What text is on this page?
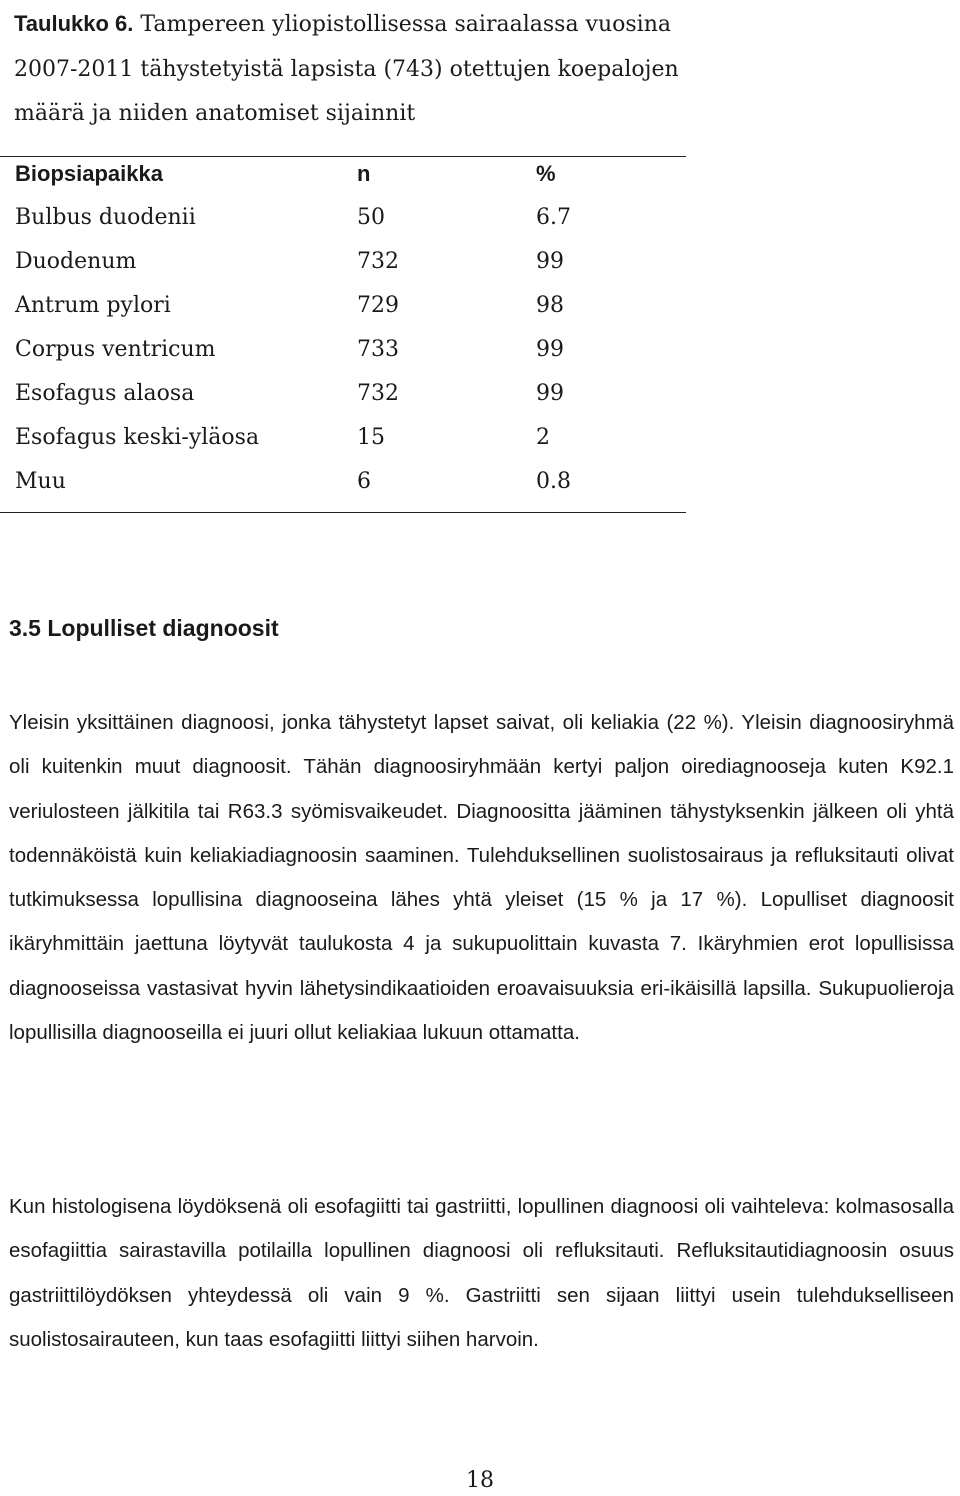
Taulukko 6. Tampereen yliopistollisessa sairaalassa vuosina 2007-2011 tähystetyistä lapsista (743) otettujen koepalojen määrä ja niiden anatomiset sijainnit
Biopsiapaikka	n	%
Bulbus duodenii	50	6.7
Duodenum	732	99
Antrum pylori	729	98
Corpus ventricum	733	99
Esofagus alaosa	732	99
Esofagus keski-yläosa	15	2
Muu	6	0.8
3.5 Lopulliset diagnoosit

Yleisin yksittäinen diagnoosi, jonka tähystetyt lapset saivat, oli keliakia (22 %). Yleisin diagnoosiryhmä oli kuitenkin muut diagnoosit. Tähän diagnoosiryhmään kertyi paljon oirediagnooseja kuten K92.1 veriulosteen jälkitila tai R63.3 syömisvaikeudet. Diagnoositta jääminen tähystyksenkin jälkeen oli yhtä todennäköistä kuin keliakiadiagnoosin saaminen. Tulehduksellinen suolistosairaus ja refluksitauti olivat tutkimuksessa lopullisina diagnooseina lähes yhtä yleiset (15 % ja 17 %). Lopulliset diagnoosit ikäryhmittäin jaettuna löytyvät taulukosta 4 ja sukupuolittain kuvasta 7. Ikäryhmien erot lopullisissa diagnooseissa vastasivat hyvin lähetysindikaatioiden eroavaisuuksia eri-ikäisillä lapsilla. Sukupuolieroja lopullisilla diagnooseilla ei juuri ollut keliakiaa lukuun ottamatta.

Kun histologisena löydöksenä oli esofagiitti tai gastriitti, lopullinen diagnoosi oli vaihteleva: kolmasosalla esofagiittia sairastavilla potilailla lopullinen diagnoosi oli refluksitauti. Refluksitautidiagnoosin osuus gastriittilöydöksen yhteydessä oli vain 9 %. Gastriitti sen sijaan liittyi usein tulehdukselliseen suolistosairauteen, kun taas esofagiitti liittyi siihen harvoin.

18
